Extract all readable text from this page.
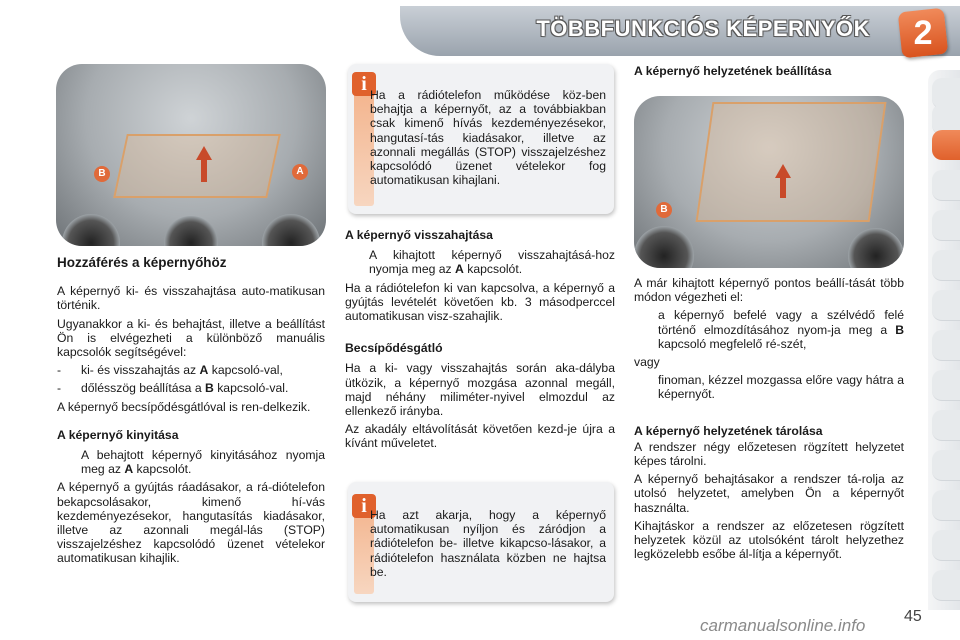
TÖBBFUNKCIÓS KÉPERNYŐK	2
B	A
B
Hozzáférés a képernyőhöz

A képernyő ki- és visszahajtása auto-matikusan történik.

Ugyanakkor a ki- és behajtást, illetve a beállítást Ön is elvégezheti a különböző manuális kapcsolók segítségével:

- ki- és visszahajtás az A kapcsoló-val,
- dőlésszög beállítása a B kapcsoló-val.

A képernyő becsípődésgátlóval is ren-delkezik.

A képernyő kinyitása
A behajtott képernyő kinyitásához nyomja meg az A kapcsolót.

A képernyő a gyújtás ráadásakor, a rá-diótelefon bekapcsolásakor, kimenő hí-vás kezdeményezésekor, hangutasítás kiadásakor, illetve az azonnali megál-lás (STOP) visszajelzéshez kapcsolódó üzenet vételekor automatikusan kihajlik.

i Ha a rádiótelefon működése köz-ben behajtja a képernyőt, az a továbbiakban csak kimenő hívás kezdeményezésekor, hangutasí-tás kiadásakor, illetve az azonnali megállás (STOP) visszajelzéshez kapcsolódó üzenet vételekor fog automatikusan kihajlani.

A képernyő visszahajtása
A kihajtott képernyő visszahajtásá-hoz nyomja meg az A kapcsolót.

Ha a rádiótelefon ki van kapcsolva, a képernyő a gyújtás levételét követően kb. 3 másodperccel automatikusan visz-szahajlik.

Becsípődésgátló

Ha a ki- vagy visszahajtás során aka-dályba ütközik, a képernyő mozgása azonnal megáll, majd néhány miliméter-nyivel elmozdul az ellenkező irányba.

Az akadály eltávolítását követően kezd-je újra a kívánt műveletet.

i Ha azt akarja, hogy a képernyő automatikusan nyíljon és záródjon a rádiótelefon be- illetve kikapcso-lásakor, a rádiótelefon használata közben ne hajtsa be.

A képernyő helyzetének beállítása

A már kihajtott képernyő pontos beállí-tását több módon végezheti el:

a képernyő befelé vagy a szélvédő felé történő elmozdításához nyom-ja meg a B kapcsoló megfelelő ré-szét,

vagy

finoman, kézzel mozgassa előre vagy hátra a képernyőt.
A képernyő helyzetének tárolása

A rendszer négy előzetesen rögzített helyzetet képes tárolni.

A képernyő behajtásakor a rendszer tá-rolja az utolsó helyzetet, amelyben Ön a képernyőt használta.

Kihajtáskor a rendszer az előzetesen rögzített helyzetek közül az utolsóként tárolt helyzethez legközelebb esőbe ál-lítja a képernyőt.

carmanualsonline.info 45
